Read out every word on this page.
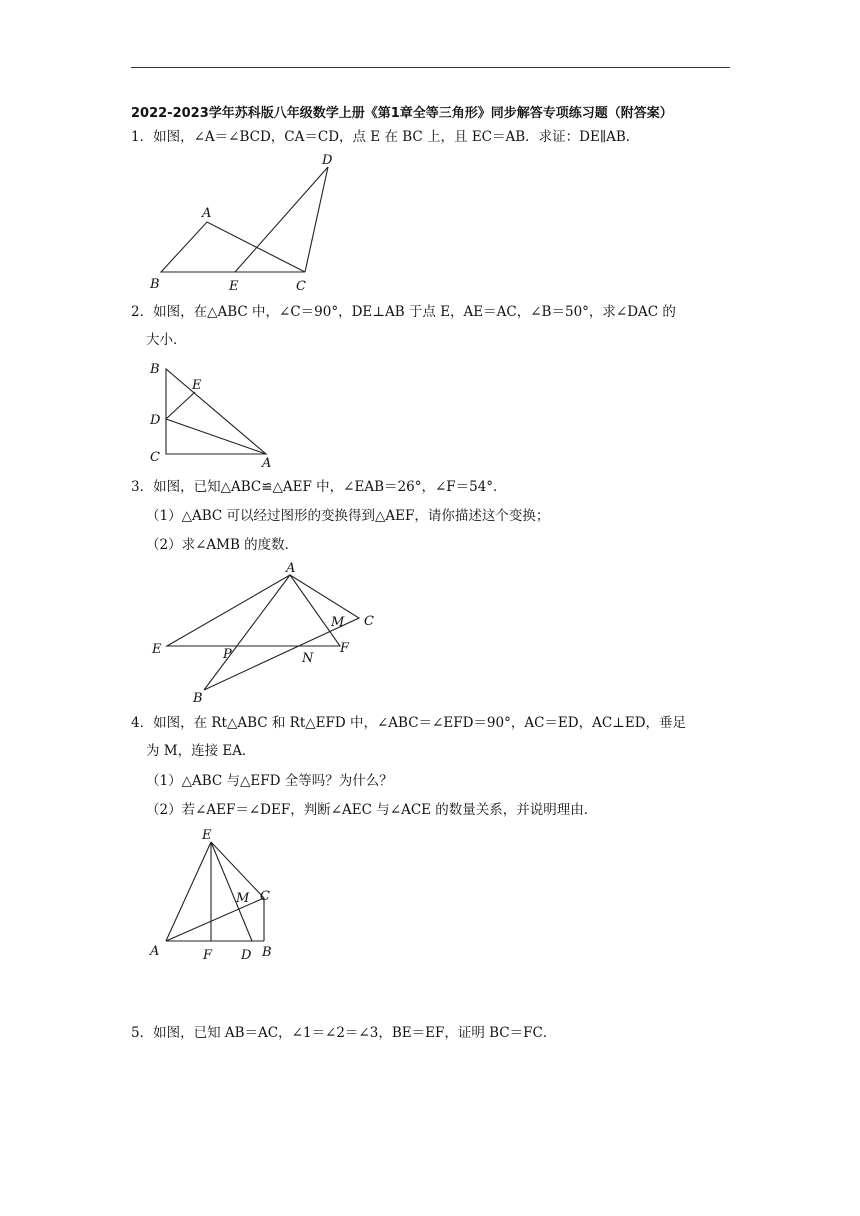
2022-2023学年苏科版八年级数学上册《第1章全等三角形》同步解答专项练习题（附答案）
1．如图，∠A＝∠BCD，CA＝CD，点 E 在 BC 上，且 EC＝AB．求证：DE∥AB．
A
B	C
D
E
2．如图，在△ABC 中，∠C＝90°，DE⊥AB 于点 E，AE＝AC，∠B＝50°，求∠DAC 的
大小．
A
B
C
D
E
3．如图，已知△ABC≌△AEF 中，∠EAB＝26°，∠F＝54°．
（1）△ABC 可以经过图形的变换得到△AEF，请你描述这个变换；
（2）求∠AMB 的度数．
A
B
C
E	F
M
N
P
4．如图，在 Rt△ABC 和 Rt△EFD 中，∠ABC＝∠EFD＝90°，AC＝ED，AC⊥ED，垂足
为 M，连接 EA．
（1）△ABC 与△EFD 全等吗？为什么？
（2）若∠AEF＝∠DEF，判断∠AEC 与∠ACE 的数量关系，并说明理由．
E
M C
A	F D B
5．如图，已知 AB＝AC，∠1＝∠2＝∠3，BE＝EF，证明 BC＝FC．
